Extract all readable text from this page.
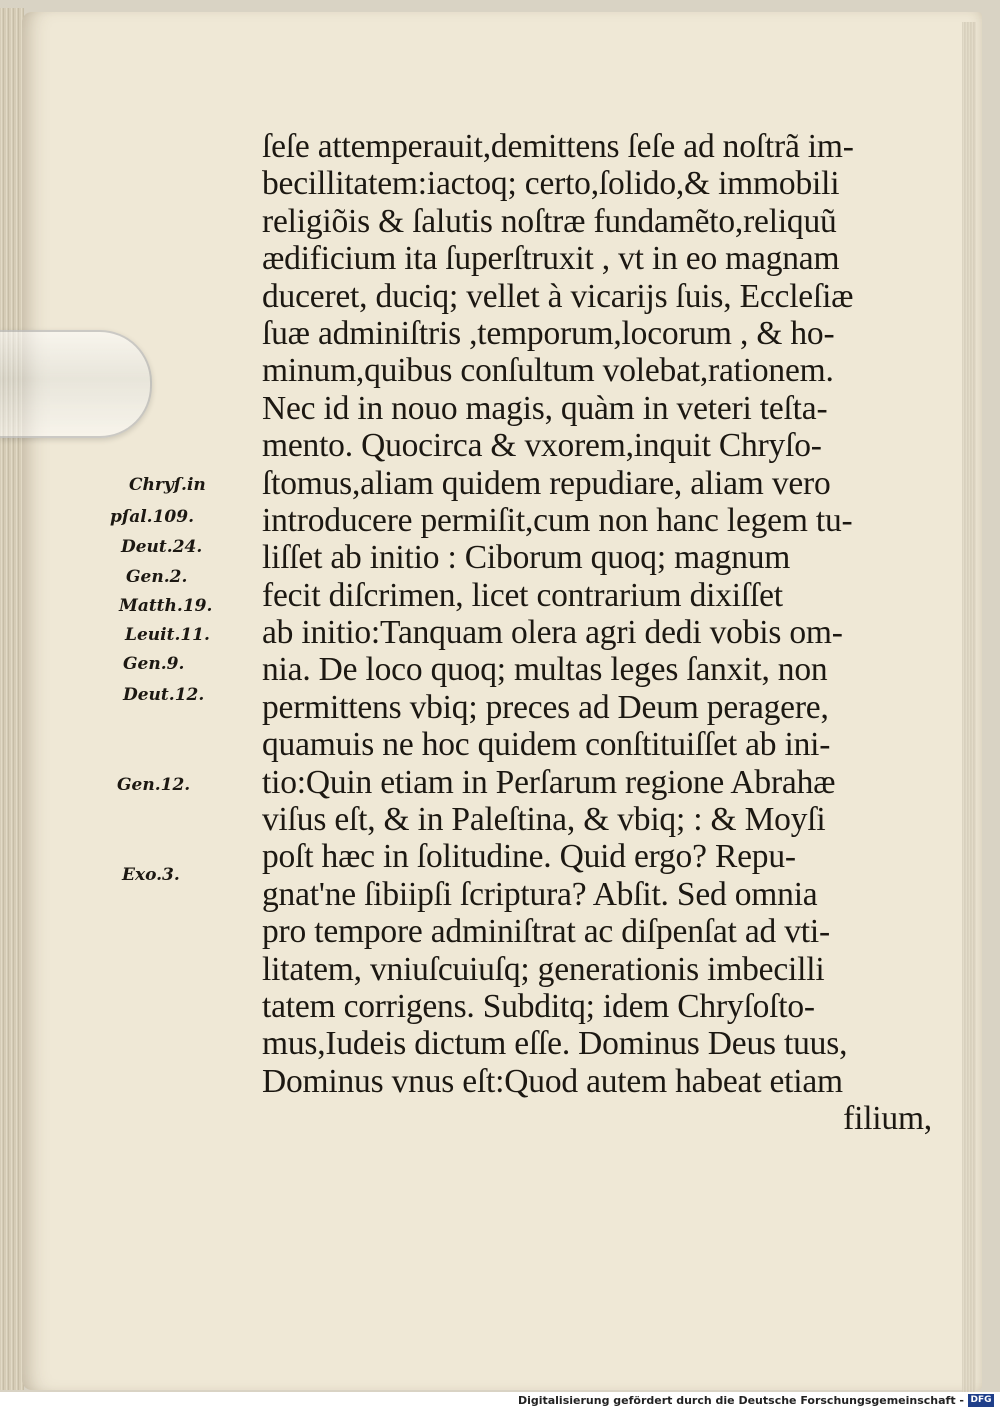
Chryſ.in
pſal.109.
Deut.24.
Gen.2.
Matth.19.
Leuit.11.
Gen.9.
Deut.12.
Gen.12.
Exo.3.
ſeſe attemperauit,demittens ſeſe ad noſtrã im-
becillitatem:iactoq; certo,ſolido,& immobili
religiõis & ſalutis noſtræ fundamẽto,reliquũ
ædificium ita ſuperſtruxit , vt in eo magnam
duceret, duciq; vellet à vicarijs ſuis, Eccleſiæ
ſuæ adminiſtris ,temporum,locorum , & ho-
minum,quibus conſultum volebat,rationem.
Nec id in nouo magis, quàm in veteri teſta-
mento. Quocirca & vxorem,inquit Chryſo-
ſtomus,aliam quidem repudiare, aliam vero
introducere permiſit,cum non hanc legem tu-
liſſet ab initio : Ciborum quoq; magnum
fecit diſcrimen, licet contrarium dixiſſet
ab initio:Tanquam olera agri dedi vobis om-
nia. De loco quoq; multas leges ſanxit, non
permittens vbiq; preces ad Deum peragere,
quamuis ne hoc quidem conſtituiſſet ab ini-
tio:Quin etiam in Perſarum regione Abrahæ
viſus eſt, & in Paleſtina, & vbiq; : & Moyſi
poſt hæc in ſolitudine. Quid ergo? Repu-
gnat'ne ſibiipſi ſcriptura? Abſit. Sed omnia
pro tempore adminiſtrat ac diſpenſat ad vti-
litatem, vniuſcuiuſq; generationis imbecilli
tatem corrigens. Subditq; idem Chryſoſto-
mus,Iudeis dictum eſſe. Dominus Deus tuus,
Dominus vnus eſt:Quod autem habeat etiam
filium,
Digitalisierung gefördert durch die Deutsche Forschungsgemeinschaft - DFG
